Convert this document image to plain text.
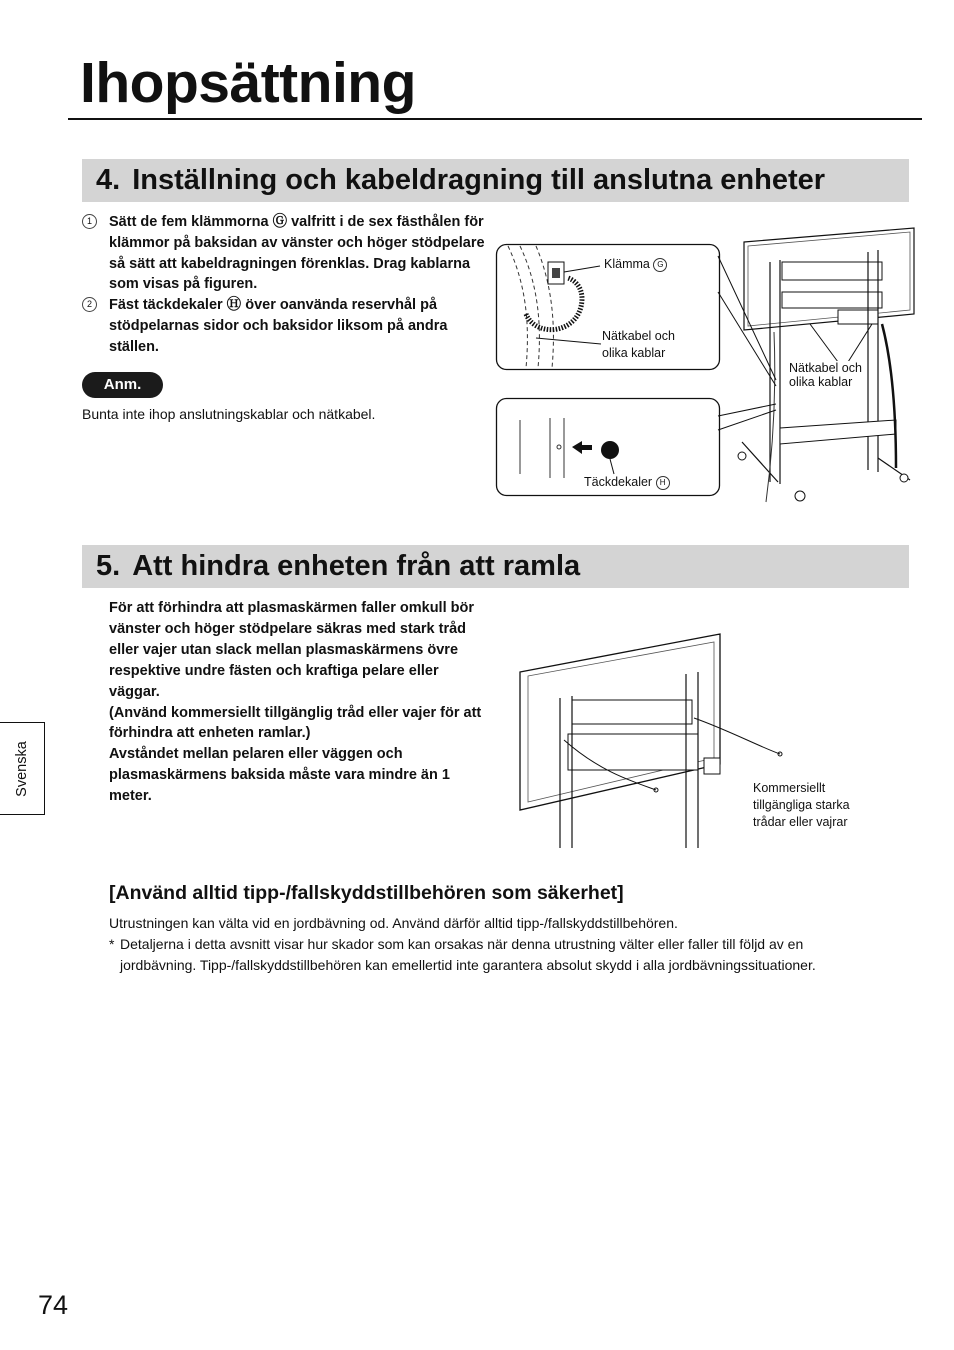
Ihopsättning
4. Inställning och kabeldragning till anslutna enheter
1	Sätt de fem klämmorna Ⓖ valfritt i de sex fästhålen för klämmor på baksidan av vänster och höger stödpelare så sätt att kabeldragningen förenklas. Drag kablarna som visas på figuren.
2	Fäst täckdekaler Ⓗ över oanvända reservhål på stödpelarnas sidor och baksidor liksom på andra ställen.
Anm.
Bunta inte ihop anslutningskablar och nätkabel.
Klämma G
Nätkabel och
olika kablar
Täckdekaler H
Nätkabel och
olika kablar
5. Att hindra enheten från att ramla

För att förhindra att plasmaskärmen faller omkull bör vänster och höger stödpelare säkras med stark tråd eller vajer utan slack mellan plasmaskärmens övre respektive undre fästen och kraftiga pelare eller väggar.

(Använd kommersiellt tillgänglig tråd eller vajer för att förhindra att enheten ramlar.)

Avståndet mellan pelaren eller väggen och plasmaskärmens baksida måste vara mindre än 1 meter.

Kommersiellt
tillgängliga starka
trådar eller vajrar
[Använd alltid tipp-/fallskyddstillbehören som säkerhet]

Utrustningen kan välta vid en jordbävning od. Använd därför alltid tipp-/fallskyddstillbehören.

* Detaljerna i detta avsnitt visar hur skador som kan orsakas när denna utrustning välter eller faller till följd av en jordbävning. Tipp-/fallskyddstillbehören kan emellertid inte garantera absolut skydd i alla jordbävningssituationer.
Svenska
74
